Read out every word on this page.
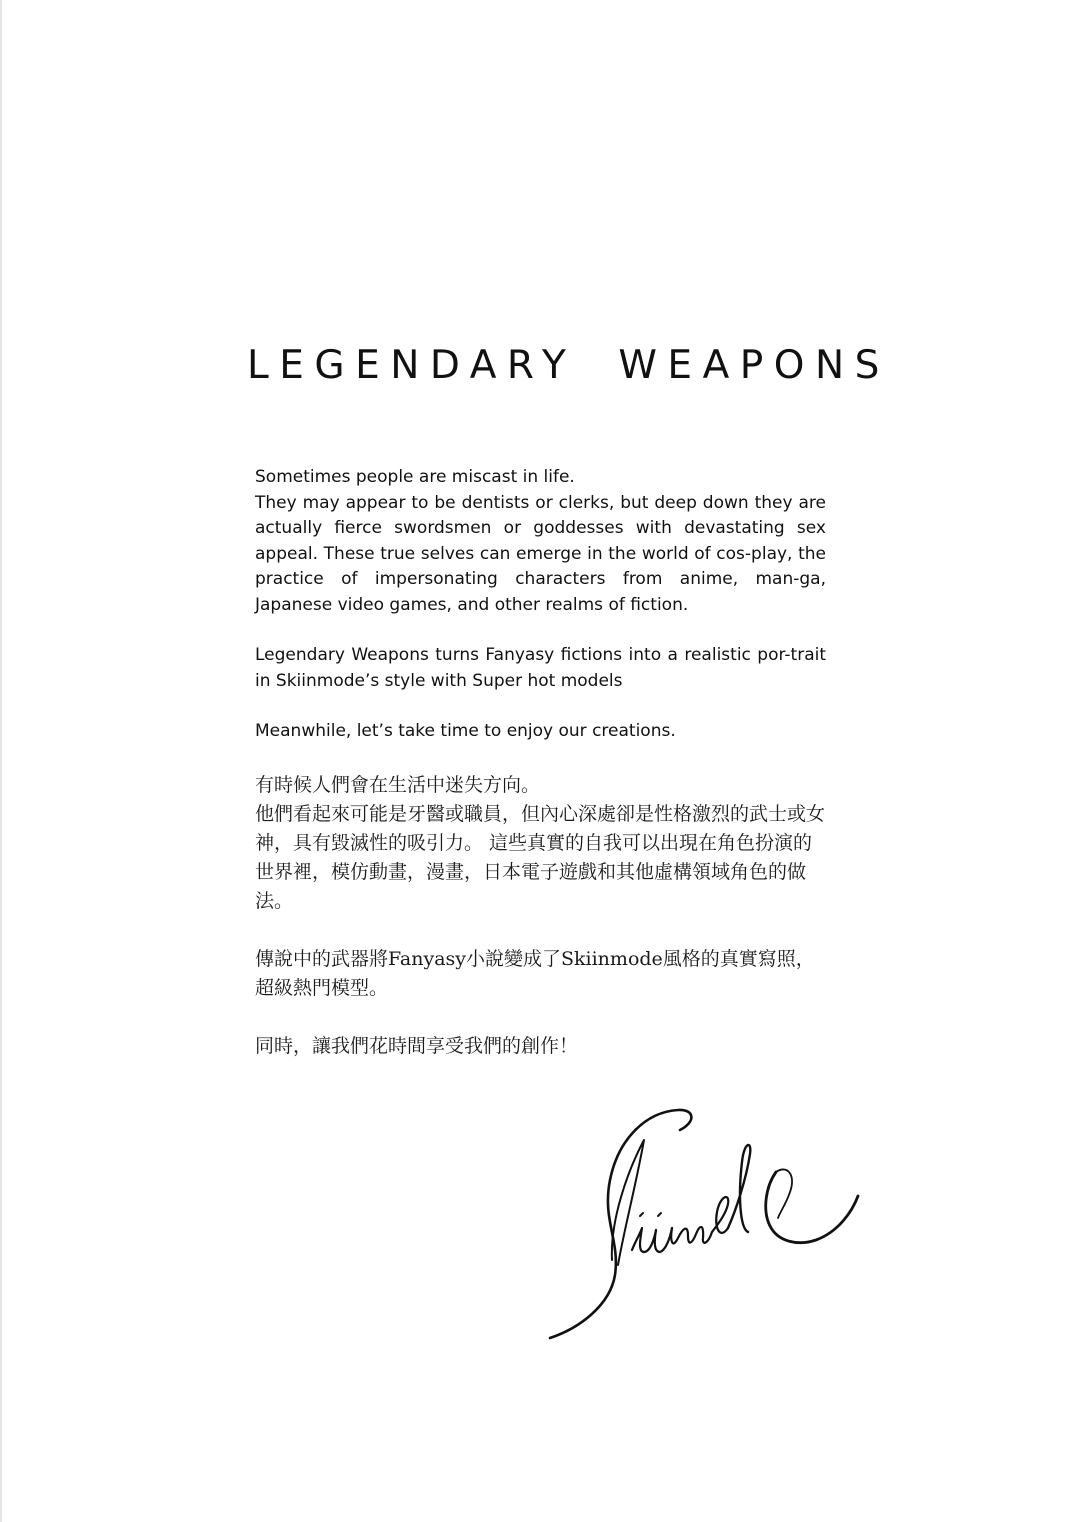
LEGENDARY WEAPONS

Sometimes people are miscast in life.
They may appear to be dentists or clerks, but deep down they are actually fierce swordsmen or goddesses with devastating sex appeal. These true selves can emerge in the world of cos-play, the practice of impersonating characters from anime, man-ga, Japanese video games, and other realms of fiction.

Legendary Weapons turns Fanyasy fictions into a realistic por-trait in Skiinmode’s style with Super hot models

Meanwhile, let’s take time to enjoy our creations.

有時候人們會在生活中迷失方向。
他們看起來可能是牙醫或職員，但內心深處卻是性格激烈的武士或女神，具有毀滅性的吸引力。 這些真實的自我可以出現在角色扮演的世界裡，模仿動畫，漫畫，日本電子遊戲和其他虛構領域角色的做法。

傳說中的武器將Fanyasy小說變成了Skiinmode風格的真實寫照，超級熱門模型。

同時，讓我們花時間享受我們的創作！
